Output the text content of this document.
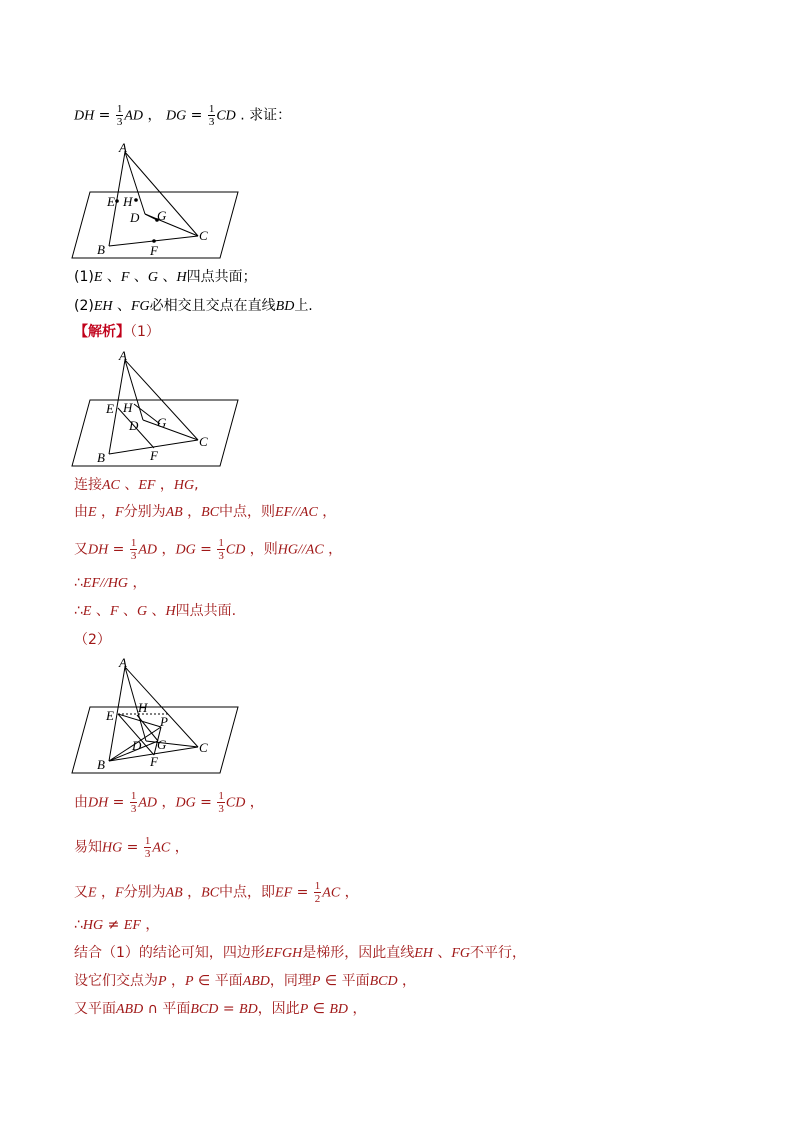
DH = $\frac{1}{3}$ AD ， DG = $\frac{1}{3}$ CD . 求证：
A
B
C
D
E
F
G
H
(1)E 、F 、G 、H四点共面；
(2)EH 、FG必相交且交点在直线BD上.
【解析】（1）
A
B
C
D
E
F
G
H
连接AC 、EF ，HG,
由E ，F分别为AB ，BC中点，则EF//AC ，
又DH = $\frac{1}{3}$ AD ，DG = $\frac{1}{3}$ CD ，则HG//AC ，
∴EF//HG ，
∴E 、F 、G 、H四点共面.
（2）
A
B
C
D
E
F
G
H
P
由DH = $\frac{1}{3}$ AD ，DG = $\frac{1}{3}$ CD ，
易知HG = $\frac{1}{3}$ AC ，
又E ，F分别为AB ，BC中点，即EF = $\frac{1}{2}$ AC ，
∴HG ≠ EF ，
结合（1）的结论可知，四边形EFGH是梯形，因此直线EH 、FG不平行，
设它们交点为P ，P ∈ 平面ABD，同理P ∈ 平面BCD ，
又平面ABD ∩ 平面BCD = BD，因此P ∈ BD ，
